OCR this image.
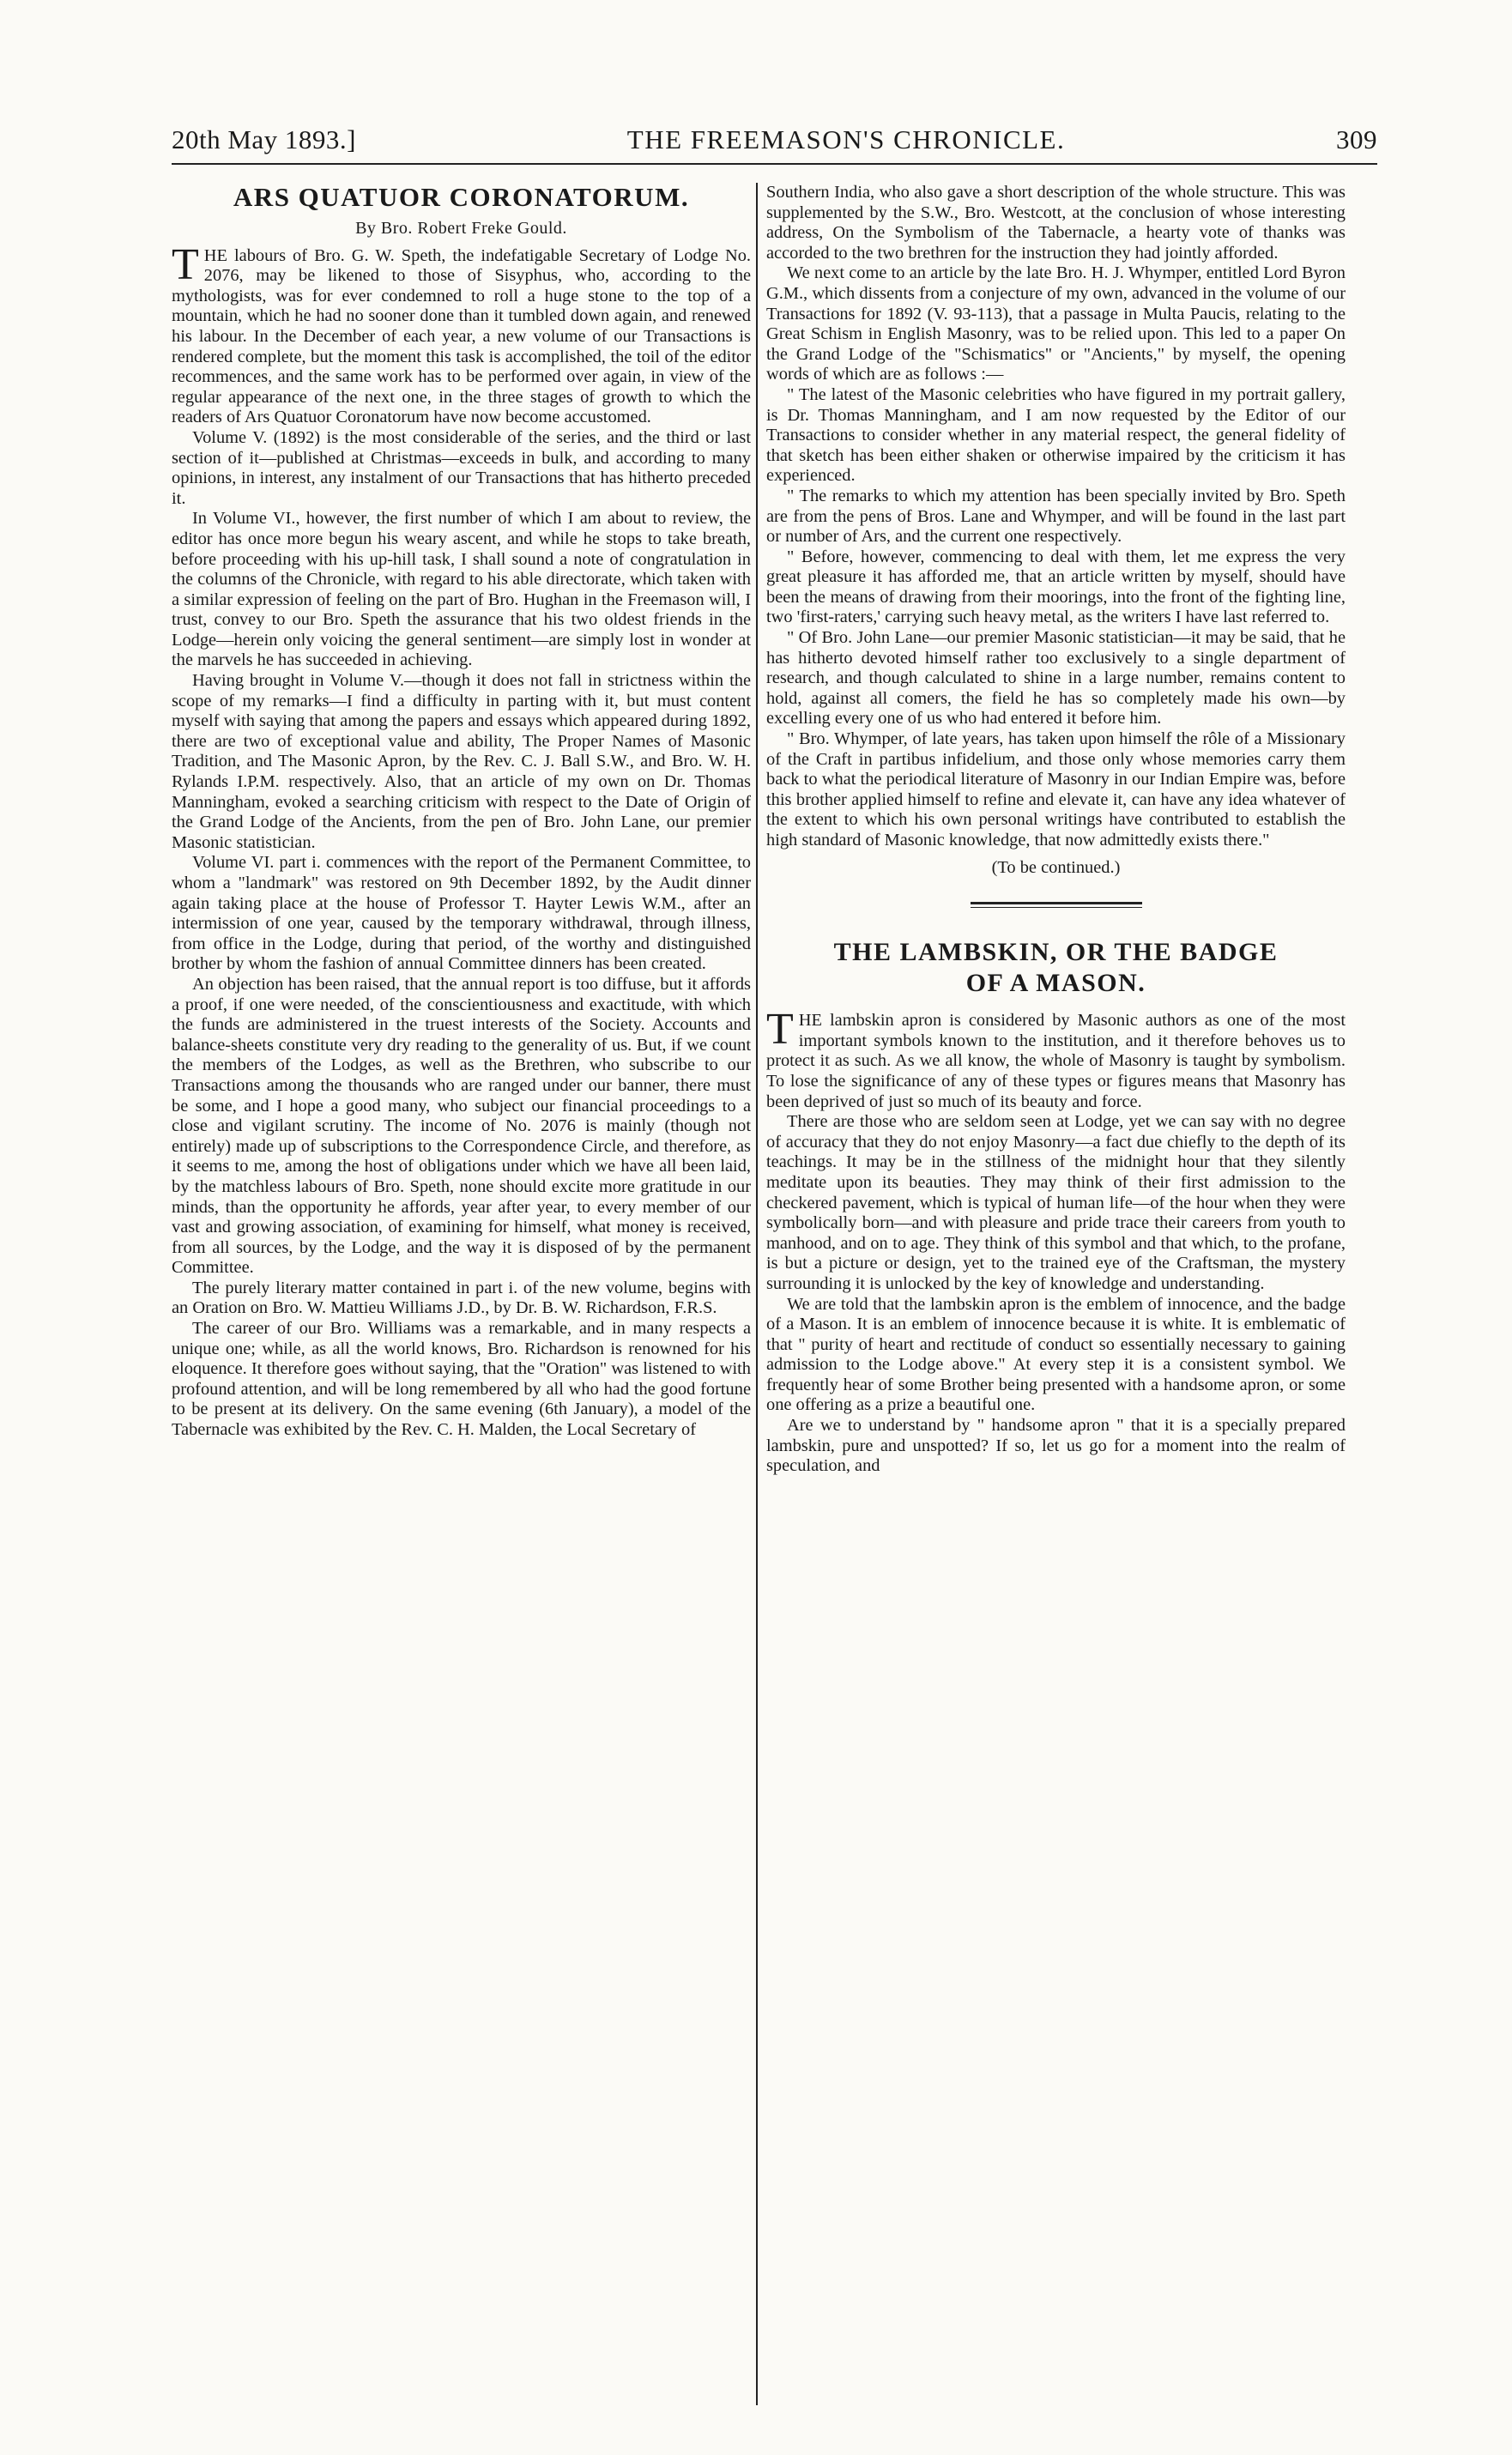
20th May 1893.]	THE FREEMASON'S CHRONICLE.	309
ARS QUATUOR CORONATORUM.
By Bro. Robert Freke Gould.

THE labours of Bro. G. W. Speth, the indefatigable Secretary of Lodge No. 2076, may be likened to those of Sisyphus, who, according to the mythologists, was for ever condemned to roll a huge stone to the top of a mountain, which he had no sooner done than it tumbled down again, and renewed his labour. In the December of each year, a new volume of our Transactions is rendered complete, but the moment this task is accomplished, the toil of the editor recommences, and the same work has to be performed over again, in view of the regular appearance of the next one, in the three stages of growth to which the readers of Ars Quatuor Coronatorum have now become accustomed.

Volume V. (1892) is the most considerable of the series, and the third or last section of it—published at Christmas—exceeds in bulk, and according to many opinions, in interest, any instalment of our Transactions that has hitherto preceded it.

In Volume VI., however, the first number of which I am about to review, the editor has once more begun his weary ascent, and while he stops to take breath, before proceeding with his up-hill task, I shall sound a note of congratulation in the columns of the Chronicle, with regard to his able directorate, which taken with a similar expression of feeling on the part of Bro. Hughan in the Freemason will, I trust, convey to our Bro. Speth the assurance that his two oldest friends in the Lodge—herein only voicing the general sentiment—are simply lost in wonder at the marvels he has succeeded in achieving.

Having brought in Volume V.—though it does not fall in strictness within the scope of my remarks—I find a difficulty in parting with it, but must content myself with saying that among the papers and essays which appeared during 1892, there are two of exceptional value and ability, The Proper Names of Masonic Tradition, and The Masonic Apron, by the Rev. C. J. Ball S.W., and Bro. W. H. Rylands I.P.M. respectively. Also, that an article of my own on Dr. Thomas Manningham, evoked a searching criticism with respect to the Date of Origin of the Grand Lodge of the Ancients, from the pen of Bro. John Lane, our premier Masonic statistician.

Volume VI. part i. commences with the report of the Permanent Committee, to whom a "landmark" was restored on 9th December 1892, by the Audit dinner again taking place at the house of Professor T. Hayter Lewis W.M., after an intermission of one year, caused by the temporary withdrawal, through illness, from office in the Lodge, during that period, of the worthy and distinguished brother by whom the fashion of annual Committee dinners has been created.

An objection has been raised, that the annual report is too diffuse, but it affords a proof, if one were needed, of the conscientiousness and exactitude, with which the funds are administered in the truest interests of the Society. Accounts and balance-sheets constitute very dry reading to the generality of us. But, if we count the members of the Lodges, as well as the Brethren, who subscribe to our Transactions among the thousands who are ranged under our banner, there must be some, and I hope a good many, who subject our financial proceedings to a close and vigilant scrutiny. The income of No. 2076 is mainly (though not entirely) made up of subscriptions to the Correspondence Circle, and therefore, as it seems to me, among the host of obligations under which we have all been laid, by the matchless labours of Bro. Speth, none should excite more gratitude in our minds, than the opportunity he affords, year after year, to every member of our vast and growing association, of examining for himself, what money is received, from all sources, by the Lodge, and the way it is disposed of by the permanent Committee.

The purely literary matter contained in part i. of the new volume, begins with an Oration on Bro. W. Mattieu Williams J.D., by Dr. B. W. Richardson, F.R.S.

The career of our Bro. Williams was a remarkable, and in many respects a unique one; while, as all the world knows, Bro. Richardson is renowned for his eloquence. It therefore goes without saying, that the "Oration" was listened to with profound attention, and will be long remembered by all who had the good fortune to be present at its delivery. On the same evening (6th January), a model of the Tabernacle was exhibited by the Rev. C. H. Malden, the Local Secretary of

Southern India, who also gave a short description of the whole structure. This was supplemented by the S.W., Bro. Westcott, at the conclusion of whose interesting address, On the Symbolism of the Tabernacle, a hearty vote of thanks was accorded to the two brethren for the instruction they had jointly afforded.

We next come to an article by the late Bro. H. J. Whymper, entitled Lord Byron G.M., which dissents from a conjecture of my own, advanced in the volume of our Transactions for 1892 (V. 93-113), that a passage in Multa Paucis, relating to the Great Schism in English Masonry, was to be relied upon. This led to a paper On the Grand Lodge of the "Schismatics" or "Ancients," by myself, the opening words of which are as follows :—

" The latest of the Masonic celebrities who have figured in my portrait gallery, is Dr. Thomas Manningham, and I am now requested by the Editor of our Transactions to consider whether in any material respect, the general fidelity of that sketch has been either shaken or otherwise impaired by the criticism it has experienced.

" The remarks to which my attention has been specially invited by Bro. Speth are from the pens of Bros. Lane and Whymper, and will be found in the last part or number of Ars, and the current one respectively.

" Before, however, commencing to deal with them, let me express the very great pleasure it has afforded me, that an article written by myself, should have been the means of drawing from their moorings, into the front of the fighting line, two 'first-raters,' carrying such heavy metal, as the writers I have last referred to.

" Of Bro. John Lane—our premier Masonic statistician—it may be said, that he has hitherto devoted himself rather too exclusively to a single department of research, and though calculated to shine in a large number, remains content to hold, against all comers, the field he has so completely made his own—by excelling every one of us who had entered it before him.

" Bro. Whymper, of late years, has taken upon himself the rôle of a Missionary of the Craft in partibus infidelium, and those only whose memories carry them back to what the periodical literature of Masonry in our Indian Empire was, before this brother applied himself to refine and elevate it, can have any idea whatever of the extent to which his own personal writings have contributed to establish the high standard of Masonic knowledge, that now admittedly exists there."

(To be continued.)

THE LAMBSKIN, OR THE BADGE
OF A MASON.

THE lambskin apron is considered by Masonic authors as one of the most important symbols known to the institution, and it therefore behoves us to protect it as such. As we all know, the whole of Masonry is taught by symbolism. To lose the significance of any of these types or figures means that Masonry has been deprived of just so much of its beauty and force.

There are those who are seldom seen at Lodge, yet we can say with no degree of accuracy that they do not enjoy Masonry—a fact due chiefly to the depth of its teachings. It may be in the stillness of the midnight hour that they silently meditate upon its beauties. They may think of their first admission to the checkered pavement, which is typical of human life—of the hour when they were symbolically born—and with pleasure and pride trace their careers from youth to manhood, and on to age. They think of this symbol and that which, to the profane, is but a picture or design, yet to the trained eye of the Craftsman, the mystery surrounding it is unlocked by the key of knowledge and understanding.

We are told that the lambskin apron is the emblem of innocence, and the badge of a Mason. It is an emblem of innocence because it is white. It is emblematic of that " purity of heart and rectitude of conduct so essentially necessary to gaining admission to the Lodge above." At every step it is a consistent symbol. We frequently hear of some Brother being presented with a handsome apron, or some one offering as a prize a beautiful one.

Are we to understand by " handsome apron " that it is a specially prepared lambskin, pure and unspotted? If so, let us go for a moment into the realm of speculation, and
